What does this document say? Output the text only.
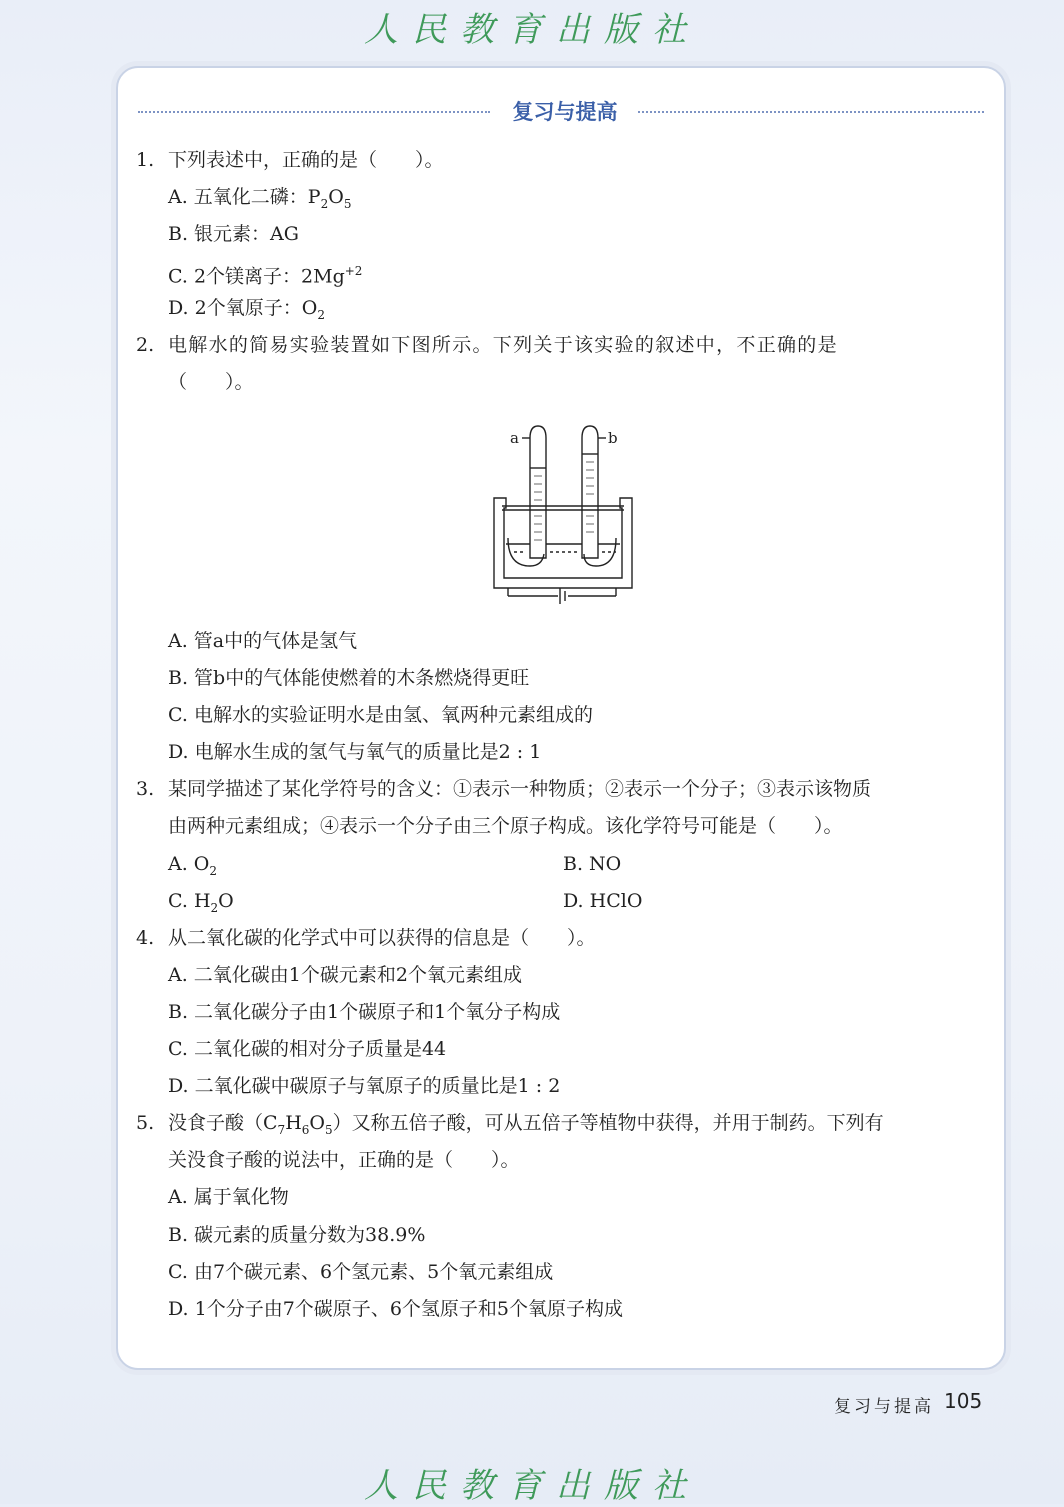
人民教育出版社
复习与提高
1. 下列表述中，正确的是（　　）。
A. 五氧化二磷：$P_2O_5$
B. 银元素：AG
C. 2个镁离子：$2Mg^{+2}$
D. 2个氧原子：$O_2$
2. 电解水的简易实验装置如下图所示。下列关于该实验的叙述中，不正确的是
（　　）。
a	b
A. 管a中的气体是氢气
B. 管b中的气体能使燃着的木条燃烧得更旺
C. 电解水的实验证明水是由氢、氧两种元素组成的
D. 电解水生成的氢气与氧气的质量比是2 : 1
3. 某同学描述了某化学符号的含义：①表示一种物质；②表示一个分子；③表示该物质
由两种元素组成；④表示一个分子由三个原子构成。该化学符号可能是（　　）。
A. $O_2$	B. NO
C. $H_2O$	D. HClO
4. 从二氧化碳的化学式中可以获得的信息是（　　）。
A. 二氧化碳由1个碳元素和2个氧元素组成
B. 二氧化碳分子由1个碳原子和1个氧分子构成
C. 二氧化碳的相对分子质量是44
D. 二氧化碳中碳原子与氧原子的质量比是1 : 2
5. 没食子酸$(C_7H_6O_5)$又称五倍子酸，可从五倍子等植物中获得，并用于制药。下列有
关没食子酸的说法中，正确的是（　　）。
A. 属于氧化物
B. 碳元素的质量分数为38.9%
C. 由7个碳元素、6个氢元素、5个氧元素组成
D. 1个分子由7个碳原子、6个氢原子和5个氧原子构成
复习与提高 105
人民教育出版社
